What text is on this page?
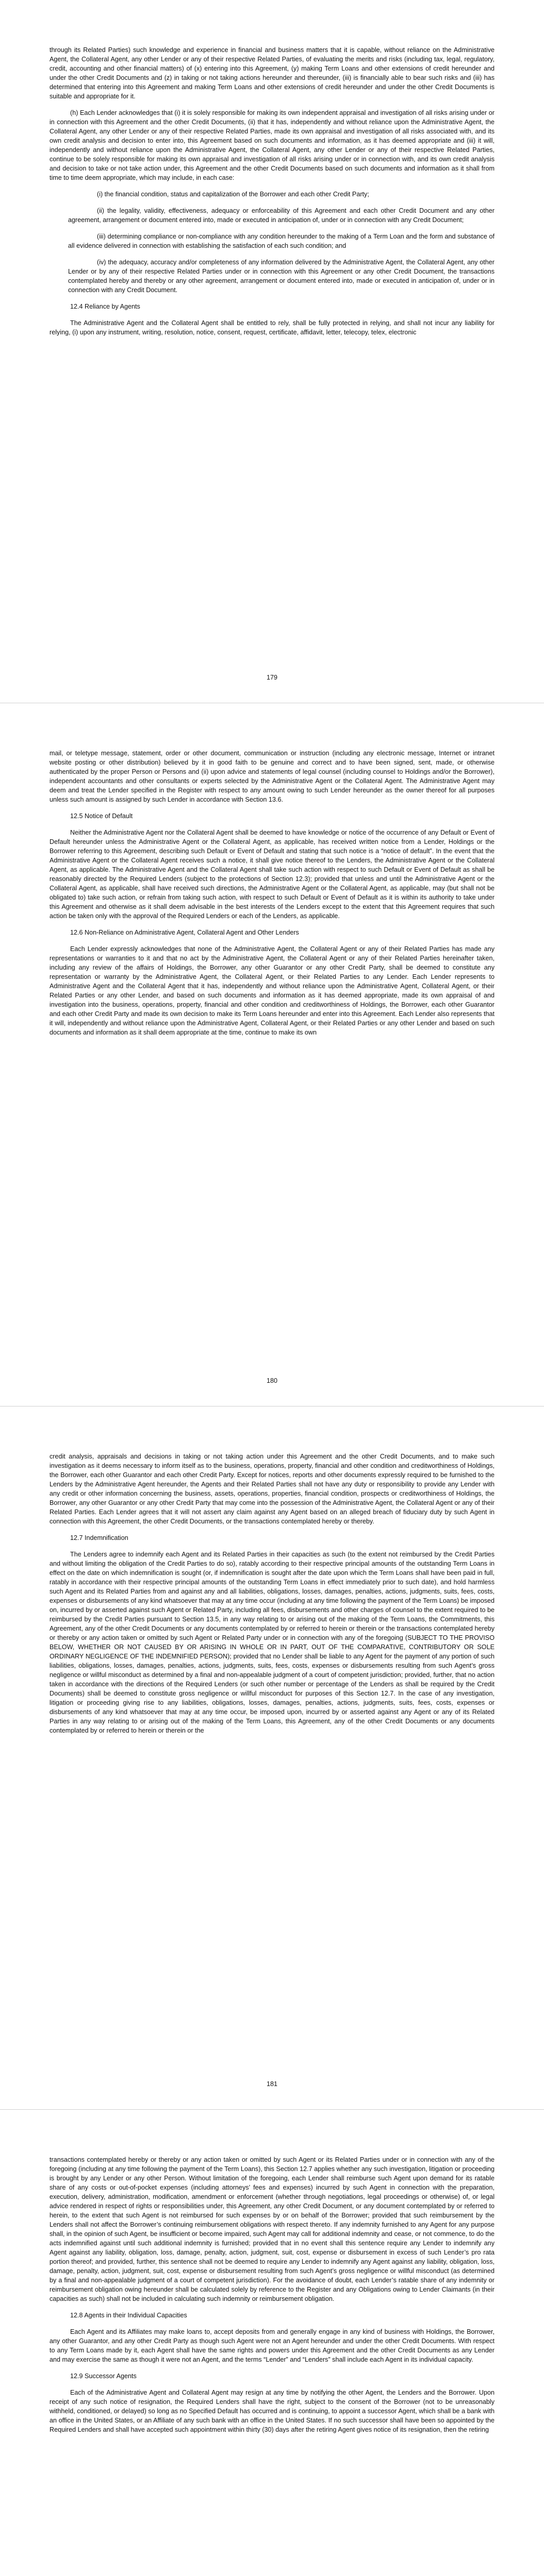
through its Related Parties) such knowledge and experience in financial and business matters that it is capable, without reliance on the Administrative Agent, the Collateral Agent, any other Lender or any of their respective Related Parties, of evaluating the merits and risks (including tax, legal, regulatory, credit, accounting and other financial matters) of (x) entering into this Agreement, (y) making Term Loans and other extensions of credit hereunder and under the other Credit Documents and (z) in taking or not taking actions hereunder and thereunder, (iii) is financially able to bear such risks and (iii) has determined that entering into this Agreement and making Term Loans and other extensions of credit hereunder and under the other Credit Documents is suitable and appropriate for it.

(h) Each Lender acknowledges that (i) it is solely responsible for making its own independent appraisal and investigation of all risks arising under or in connection with this Agreement and the other Credit Documents, (ii) that it has, independently and without reliance upon the Administrative Agent, the Collateral Agent, any other Lender or any of their respective Related Parties, made its own appraisal and investigation of all risks associated with, and its own credit analysis and decision to enter into, this Agreement based on such documents and information, as it has deemed appropriate and (iii) it will, independently and without reliance upon the Administrative Agent, the Collateral Agent, any other Lender or any of their respective Related Parties, continue to be solely responsible for making its own appraisal and investigation of all risks arising under or in connection with, and its own credit analysis and decision to take or not take action under, this Agreement and the other Credit Documents based on such documents and information as it shall from time to time deem appropriate, which may include, in each case:

(i) the financial condition, status and capitalization of the Borrower and each other Credit Party;

(ii) the legality, validity, effectiveness, adequacy or enforceability of this Agreement and each other Credit Document and any other agreement, arrangement or document entered into, made or executed in anticipation of, under or in connection with any Credit Document;

(iii) determining compliance or non-compliance with any condition hereunder to the making of a Term Loan and the form and substance of all evidence delivered in connection with establishing the satisfaction of each such condition; and

(iv) the adequacy, accuracy and/or completeness of any information delivered by the Administrative Agent, the Collateral Agent, any other Lender or by any of their respective Related Parties under or in connection with this Agreement or any other Credit Document, the transactions contemplated hereby and thereby or any other agreement, arrangement or document entered into, made or executed in anticipation of, under or in connection with any Credit Document.

12.4 Reliance by Agents

The Administrative Agent and the Collateral Agent shall be entitled to rely, shall be fully protected in relying, and shall not incur any liability for relying, (i) upon any instrument, writing, resolution, notice, consent, request, certificate, affidavit, letter, telecopy, telex, electronic

179

mail, or teletype message, statement, order or other document, communication or instruction (including any electronic message, Internet or intranet website posting or other distribution) believed by it in good faith to be genuine and correct and to have been signed, sent, made, or otherwise authenticated by the proper Person or Persons and (ii) upon advice and statements of legal counsel (including counsel to Holdings and/or the Borrower), independent accountants and other consultants or experts selected by the Administrative Agent or the Collateral Agent. The Administrative Agent may deem and treat the Lender specified in the Register with respect to any amount owing to such Lender hereunder as the owner thereof for all purposes unless such amount is assigned by such Lender in accordance with Section 13.6.

12.5 Notice of Default

Neither the Administrative Agent nor the Collateral Agent shall be deemed to have knowledge or notice of the occurrence of any Default or Event of Default hereunder unless the Administrative Agent or the Collateral Agent, as applicable, has received written notice from a Lender, Holdings or the Borrower referring to this Agreement, describing such Default or Event of Default and stating that such notice is a “notice of default”. In the event that the Administrative Agent or the Collateral Agent receives such a notice, it shall give notice thereof to the Lenders, the Administrative Agent or the Collateral Agent, as applicable. The Administrative Agent and the Collateral Agent shall take such action with respect to such Default or Event of Default as shall be reasonably directed by the Required Lenders (subject to the protections of Section 12.3); provided that unless and until the Administrative Agent or the Collateral Agent, as applicable, shall have received such directions, the Administrative Agent or the Collateral Agent, as applicable, may (but shall not be obligated to) take such action, or refrain from taking such action, with respect to such Default or Event of Default as it is within its authority to take under this Agreement and otherwise as it shall deem advisable in the best interests of the Lenders except to the extent that this Agreement requires that such action be taken only with the approval of the Required Lenders or each of the Lenders, as applicable.

12.6 Non-Reliance on Administrative Agent, Collateral Agent and Other Lenders

Each Lender expressly acknowledges that none of the Administrative Agent, the Collateral Agent or any of their Related Parties has made any representations or warranties to it and that no act by the Administrative Agent, the Collateral Agent or any of their Related Parties hereinafter taken, including any review of the affairs of Holdings, the Borrower, any other Guarantor or any other Credit Party, shall be deemed to constitute any representation or warranty by the Administrative Agent, the Collateral Agent, or their Related Parties to any Lender. Each Lender represents to Administrative Agent and the Collateral Agent that it has, independently and without reliance upon the Administrative Agent, Collateral Agent, or their Related Parties or any other Lender, and based on such documents and information as it has deemed appropriate, made its own appraisal of and investigation into the business, operations, property, financial and other condition and creditworthiness of Holdings, the Borrower, each other Guarantor and each other Credit Party and made its own decision to make its Term Loans hereunder and enter into this Agreement. Each Lender also represents that it will, independently and without reliance upon the Administrative Agent, Collateral Agent, or their Related Parties or any other Lender and based on such documents and information as it shall deem appropriate at the time, continue to make its own

180

credit analysis, appraisals and decisions in taking or not taking action under this Agreement and the other Credit Documents, and to make such investigation as it deems necessary to inform itself as to the business, operations, property, financial and other condition and creditworthiness of Holdings, the Borrower, each other Guarantor and each other Credit Party. Except for notices, reports and other documents expressly required to be furnished to the Lenders by the Administrative Agent hereunder, the Agents and their Related Parties shall not have any duty or responsibility to provide any Lender with any credit or other information concerning the business, assets, operations, properties, financial condition, prospects or creditworthiness of Holdings, the Borrower, any other Guarantor or any other Credit Party that may come into the possession of the Administrative Agent, the Collateral Agent or any of their Related Parties. Each Lender agrees that it will not assert any claim against any Agent based on an alleged breach of fiduciary duty by such Agent in connection with this Agreement, the other Credit Documents, or the transactions contemplated hereby or thereby.

12.7 Indemnification

The Lenders agree to indemnify each Agent and its Related Parties in their capacities as such (to the extent not reimbursed by the Credit Parties and without limiting the obligation of the Credit Parties to do so), ratably according to their respective principal amounts of the outstanding Term Loans in effect on the date on which indemnification is sought (or, if indemnification is sought after the date upon which the Term Loans shall have been paid in full, ratably in accordance with their respective principal amounts of the outstanding Term Loans in effect immediately prior to such date), and hold harmless such Agent and its Related Parties from and against any and all liabilities, obligations, losses, damages, penalties, actions, judgments, suits, fees, costs, expenses or disbursements of any kind whatsoever that may at any time occur (including at any time following the payment of the Term Loans) be imposed on, incurred by or asserted against such Agent or Related Party, including all fees, disbursements and other charges of counsel to the extent required to be reimbursed by the Credit Parties pursuant to Section 13.5, in any way relating to or arising out of the making of the Term Loans, the Commitments, this Agreement, any of the other Credit Documents or any documents contemplated by or referred to herein or therein or the transactions contemplated hereby or thereby or any action taken or omitted by such Agent or Related Party under or in connection with any of the foregoing (SUBJECT TO THE PROVISO BELOW, WHETHER OR NOT CAUSED BY OR ARISING IN WHOLE OR IN PART, OUT OF THE COMPARATIVE, CONTRIBUTORY OR SOLE ORDINARY NEGLIGENCE OF THE INDEMNIFIED PERSON); provided that no Lender shall be liable to any Agent for the payment of any portion of such liabilities, obligations, losses, damages, penalties, actions, judgments, suits, fees, costs, expenses or disbursements resulting from such Agent’s gross negligence or willful misconduct as determined by a final and non-appealable judgment of a court of competent jurisdiction; provided, further, that no action taken in accordance with the directions of the Required Lenders (or such other number or percentage of the Lenders as shall be required by the Credit Documents) shall be deemed to constitute gross negligence or willful misconduct for purposes of this Section 12.7. In the case of any investigation, litigation or proceeding giving rise to any liabilities, obligations, losses, damages, penalties, actions, judgments, suits, fees, costs, expenses or disbursements of any kind whatsoever that may at any time occur, be imposed upon, incurred by or asserted against any Agent or any of its Related Parties in any way relating to or arising out of the making of the Term Loans, this Agreement, any of the other Credit Documents or any documents contemplated by or referred to herein or therein or the

181

transactions contemplated hereby or thereby or any action taken or omitted by such Agent or its Related Parties under or in connection with any of the foregoing (including at any time following the payment of the Term Loans), this Section 12.7 applies whether any such investigation, litigation or proceeding is brought by any Lender or any other Person. Without limitation of the foregoing, each Lender shall reimburse such Agent upon demand for its ratable share of any costs or out-of-pocket expenses (including attorneys’ fees and expenses) incurred by such Agent in connection with the preparation, execution, delivery, administration, modification, amendment or enforcement (whether through negotiations, legal proceedings or otherwise) of, or legal advice rendered in respect of rights or responsibilities under, this Agreement, any other Credit Document, or any document contemplated by or referred to herein, to the extent that such Agent is not reimbursed for such expenses by or on behalf of the Borrower; provided that such reimbursement by the Lenders shall not affect the Borrower’s continuing reimbursement obligations with respect thereto. If any indemnity furnished to any Agent for any purpose shall, in the opinion of such Agent, be insufficient or become impaired, such Agent may call for additional indemnity and cease, or not commence, to do the acts indemnified against until such additional indemnity is furnished; provided that in no event shall this sentence require any Lender to indemnify any Agent against any liability, obligation, loss, damage, penalty, action, judgment, suit, cost, expense or disbursement in excess of such Lender’s pro rata portion thereof; and provided, further, this sentence shall not be deemed to require any Lender to indemnify any Agent against any liability, obligation, loss, damage, penalty, action, judgment, suit, cost, expense or disbursement resulting from such Agent’s gross negligence or willful misconduct (as determined by a final and non-appealable judgment of a court of competent jurisdiction). For the avoidance of doubt, each Lender’s ratable share of any indemnity or reimbursement obligation owing hereunder shall be calculated solely by reference to the Register and any Obligations owing to Lender Claimants (in their capacities as such) shall not be included in calculating such indemnity or reimbursement obligation.

12.8 Agents in their Individual Capacities

Each Agent and its Affiliates may make loans to, accept deposits from and generally engage in any kind of business with Holdings, the Borrower, any other Guarantor, and any other Credit Party as though such Agent were not an Agent hereunder and under the other Credit Documents. With respect to any Term Loans made by it, each Agent shall have the same rights and powers under this Agreement and the other Credit Documents as any Lender and may exercise the same as though it were not an Agent, and the terms “Lender” and “Lenders” shall include each Agent in its individual capacity.

12.9 Successor Agents

Each of the Administrative Agent and Collateral Agent may resign at any time by notifying the other Agent, the Lenders and the Borrower. Upon receipt of any such notice of resignation, the Required Lenders shall have the right, subject to the consent of the Borrower (not to be unreasonably withheld, conditioned, or delayed) so long as no Specified Default has occurred and is continuing, to appoint a successor Agent, which shall be a bank with an office in the United States, or an Affiliate of any such bank with an office in the United States. If no such successor shall have been so appointed by the Required Lenders and shall have accepted such appointment within thirty (30) days after the retiring Agent gives notice of its resignation, then the retiring
